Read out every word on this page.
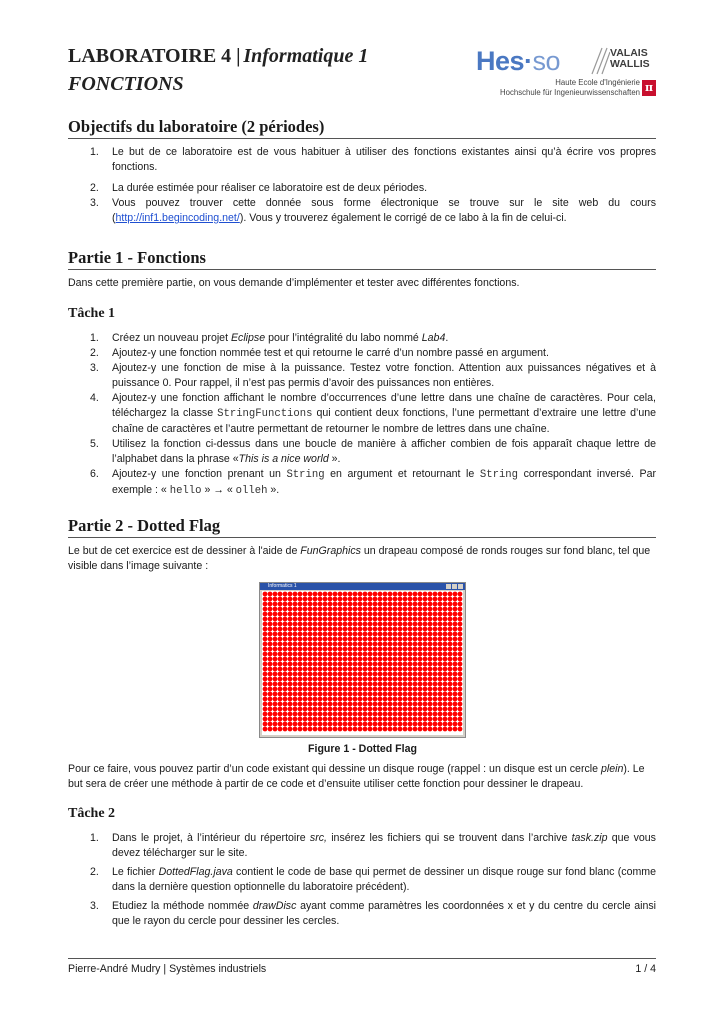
LABORATOIRE 4 | Informatique 1
FONCTIONS
Hes·so	VALAIS
WALLIS
Haute Ecole d'Ingénierie
Hochschule für Ingenieurwissenschaften π
Objectifs du laboratoire (2 périodes)
1. Le but de ce laboratoire est de vous habituer à utiliser des fonctions existantes ainsi qu’à écrire vos propres fonctions.
2. La durée estimée pour réaliser ce laboratoire est de deux périodes.
3. Vous pouvez trouver cette donnée sous forme électronique se trouve sur le site web du cours (http://inf1.begincoding.net/). Vous y trouverez également le corrigé de ce labo à la fin de celui-ci.
Partie 1 - Fonctions

Dans cette première partie, on vous demande d’implémenter et tester avec différentes fonctions.

Tâche 1
1. Créez un nouveau projet Eclipse pour l’intégralité du labo nommé Lab4.
2. Ajoutez-y une fonction nommée test et qui retourne le carré d’un nombre passé en argument.
3. Ajoutez-y une fonction de mise à la puissance. Testez votre fonction. Attention aux puissances négatives et à puissance 0. Pour rappel, il n’est pas permis d’avoir des puissances non entières.
4. Ajoutez-y une fonction affichant le nombre d’occurrences d’une lettre dans une chaîne de caractères. Pour cela, téléchargez la classe StringFunctions qui contient deux fonctions, l’une permettant d’extraire une lettre d’une chaîne de caractères et l’autre permettant de retourner le nombre de lettres dans une chaîne.
5. Utilisez la fonction ci-dessus dans une boucle de manière à afficher combien de fois apparaît chaque lettre de l’alphabet dans la phrase «This is a nice world ».
6. Ajoutez-y une fonction prenant un String en argument et retournant le String correspondant inversé. Par exemple : « hello » → « olleh ».
Partie 2 - Dotted Flag

Le but de cet exercice est de dessiner à l'aide de FunGraphics un drapeau composé de ronds rouges sur fond blanc, tel que visible dans l’image suivante :

Informatics 1
Figure 1 - Dotted Flag

Pour ce faire, vous pouvez partir d’un code existant qui dessine un disque rouge (rappel : un disque est un cercle plein). Le but sera de créer une méthode à partir de ce code et d’ensuite utiliser cette fonction pour dessiner le drapeau.

Tâche 2
1. Dans le projet, à l’intérieur du répertoire src, insérez les fichiers qui se trouvent dans l’archive task.zip que vous devez télécharger sur le site.
2. Le fichier DottedFlag.java contient le code de base qui permet de dessiner un disque rouge sur fond blanc (comme dans la dernière question optionnelle du laboratoire précédent).
3. Etudiez la méthode nommée drawDisc ayant comme paramètres les coordonnées x et y du centre du cercle ainsi que le rayon du cercle pour dessiner les cercles.
Pierre-André Mudry | Systèmes industriels	1 / 4
